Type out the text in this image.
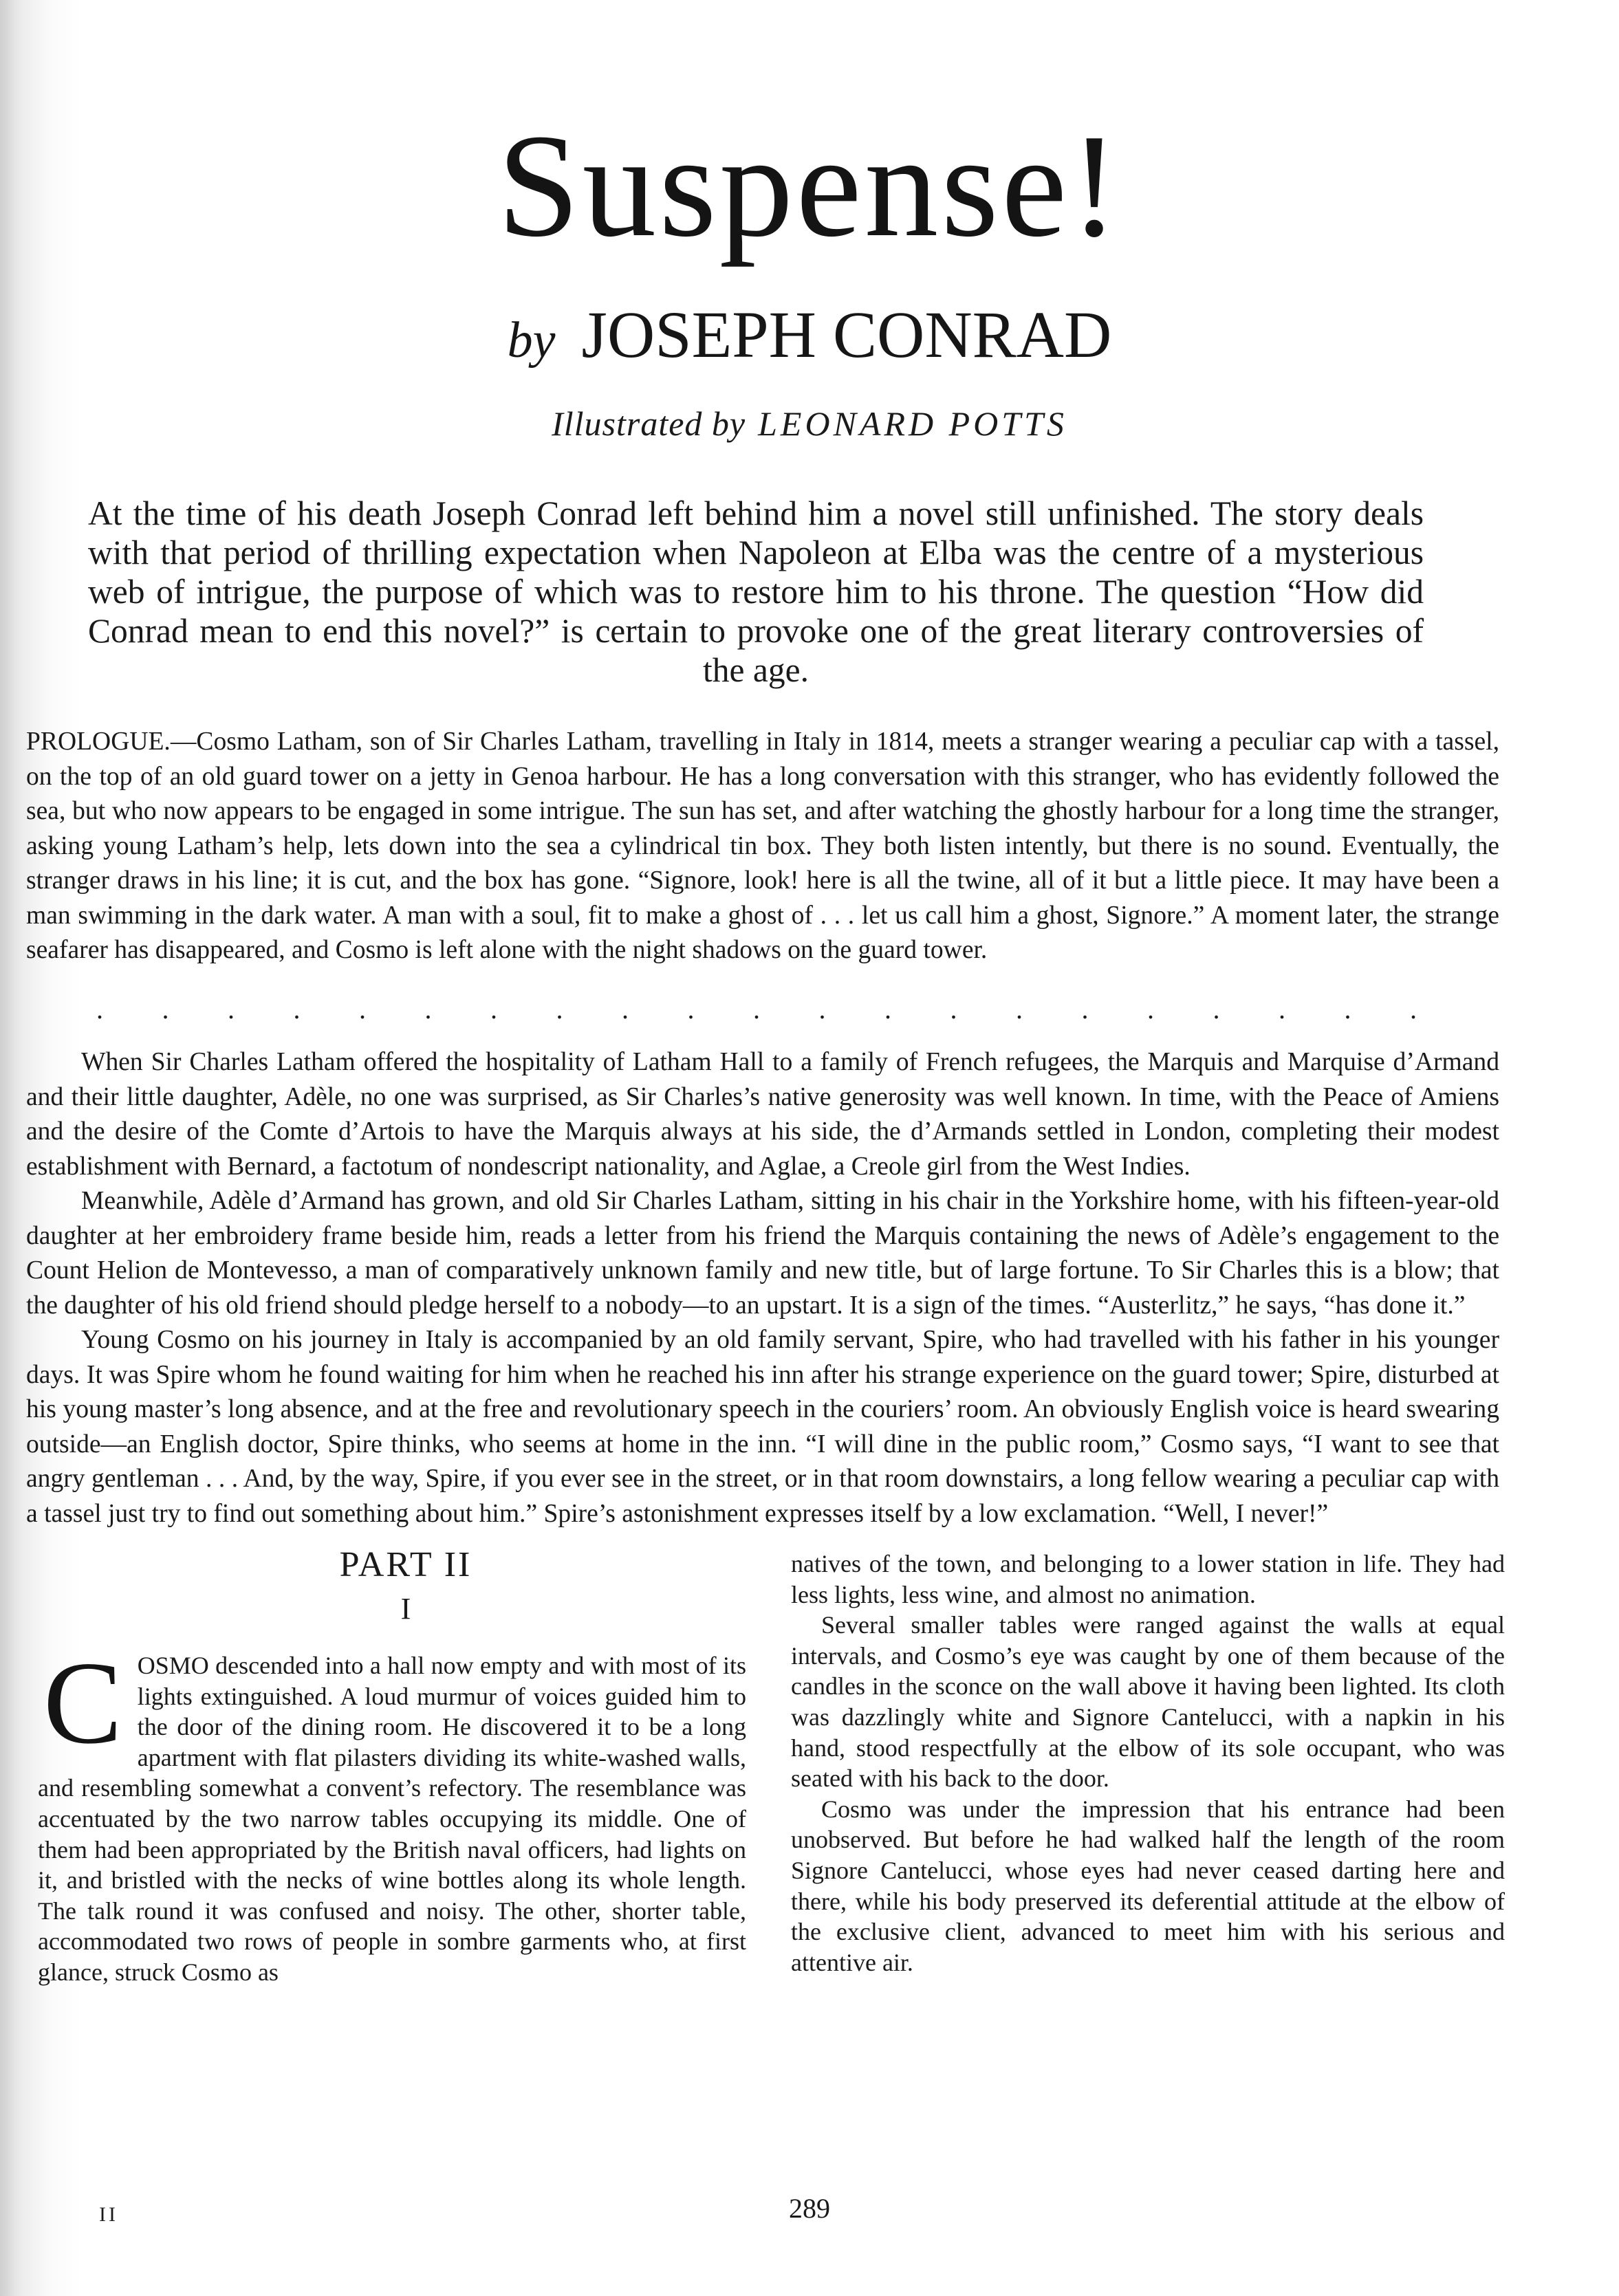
Suspense!
by JOSEPH CONRAD
Illustrated by LEONARD POTTS
At the time of his death Joseph Conrad left behind him a novel still unfinished. The story deals with that period of thrilling expectation when Napoleon at Elba was the centre of a mysterious web of intrigue, the purpose of which was to restore him to his throne. The question “How did Conrad mean to end this novel?” is certain to provoke one of the great literary controversies of the age.

PROLOGUE.—Cosmo Latham, son of Sir Charles Latham, travelling in Italy in 1814, meets a stranger wearing a peculiar cap with a tassel, on the top of an old guard tower on a jetty in Genoa harbour. He has a long conversation with this stranger, who has evidently followed the sea, but who now appears to be engaged in some intrigue. The sun has set, and after watching the ghostly harbour for a long time the stranger, asking young Latham’s help, lets down into the sea a cylindrical tin box. They both listen intently, but there is no sound. Eventually, the stranger draws in his line; it is cut, and the box has gone. “Signore, look! here is all the twine, all of it but a little piece. It may have been a man swimming in the dark water. A man with a soul, fit to make a ghost of . . . let us call him a ghost, Signore.” A moment later, the strange seafarer has disappeared, and Cosmo is left alone with the night shadows on the guard tower.

. . . . . . . . . . . . . . . . . . . . .

When Sir Charles Latham offered the hospitality of Latham Hall to a family of French refugees, the Marquis and Marquise d’Armand and their little daughter, Adèle, no one was surprised, as Sir Charles’s native generosity was well known. In time, with the Peace of Amiens and the desire of the Comte d’Artois to have the Marquis always at his side, the d’Armands settled in London, completing their modest establishment with Bernard, a factotum of nondescript nationality, and Aglae, a Creole girl from the West Indies.

Meanwhile, Adèle d’Armand has grown, and old Sir Charles Latham, sitting in his chair in the Yorkshire home, with his fifteen-year-old daughter at her embroidery frame beside him, reads a letter from his friend the Marquis containing the news of Adèle’s engagement to the Count Helion de Montevesso, a man of comparatively unknown family and new title, but of large fortune. To Sir Charles this is a blow; that the daughter of his old friend should pledge herself to a nobody—to an upstart. It is a sign of the times. “Austerlitz,” he says, “has done it.”

Young Cosmo on his journey in Italy is accompanied by an old family servant, Spire, who had travelled with his father in his younger days. It was Spire whom he found waiting for him when he reached his inn after his strange experience on the guard tower; Spire, disturbed at his young master’s long absence, and at the free and revolutionary speech in the couriers’ room. An obviously English voice is heard swearing outside—an English doctor, Spire thinks, who seems at home in the inn. “I will dine in the public room,” Cosmo says, “I want to see that angry gentleman . . . And, by the way, Spire, if you ever see in the street, or in that room downstairs, a long fellow wearing a peculiar cap with a tassel just try to find out something about him.” Spire’s astonishment expresses itself by a low exclamation. “Well, I never!”

PART II
I

COSMO descended into a hall now empty and with most of its lights extinguished. A loud murmur of voices guided him to the door of the dining room. He discovered it to be a long apartment with flat pilasters dividing its white-washed walls, and resembling somewhat a convent’s refectory. The resemblance was accentuated by the two narrow tables occupying its middle. One of them had been appropriated by the British naval officers, had lights on it, and bristled with the necks of wine bottles along its whole length. The talk round it was confused and noisy. The other, shorter table, accommodated two rows of people in sombre garments who, at first glance, struck Cosmo as

natives of the town, and belonging to a lower station in life. They had less lights, less wine, and almost no animation.

Several smaller tables were ranged against the walls at equal intervals, and Cosmo’s eye was caught by one of them because of the candles in the sconce on the wall above it having been lighted. Its cloth was dazzlingly white and Signore Cantelucci, with a napkin in his hand, stood respectfully at the elbow of its sole occupant, who was seated with his back to the door.

Cosmo was under the impression that his entrance had been unobserved. But before he had walked half the length of the room Signore Cantelucci, whose eyes had never ceased darting here and there, while his body preserved its deferential attitude at the elbow of the exclusive client, advanced to meet him with his serious and attentive air.

II	289
